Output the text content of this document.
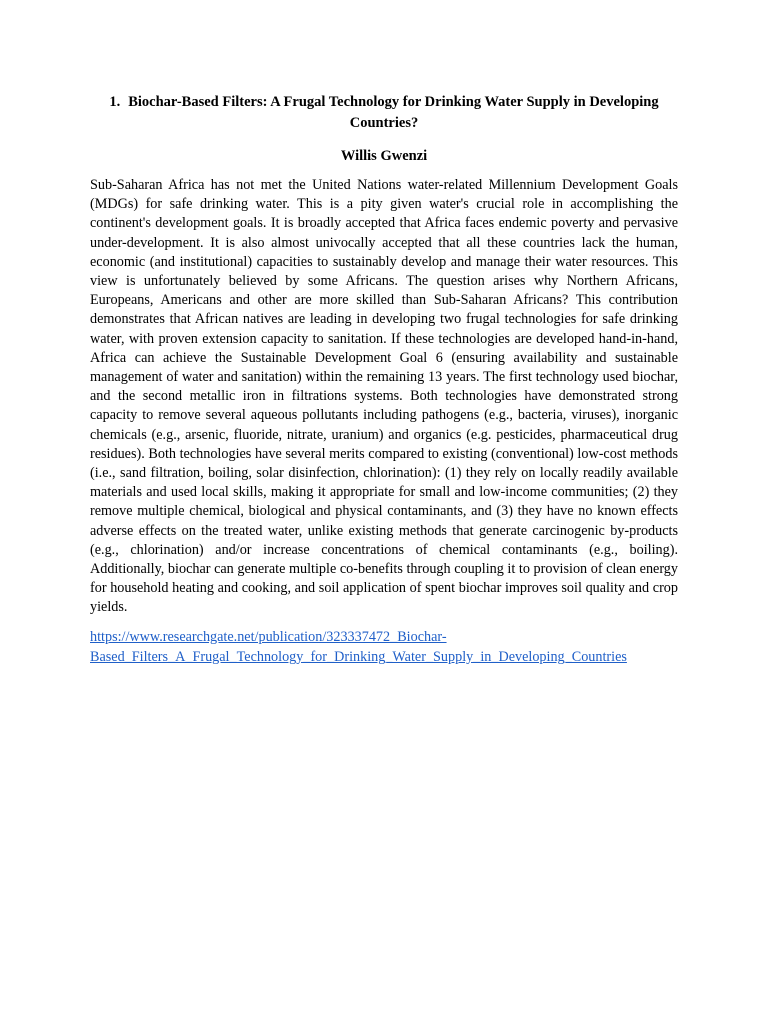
1. Biochar-Based Filters: A Frugal Technology for Drinking Water Supply in Developing Countries?

Willis Gwenzi

Sub-Saharan Africa has not met the United Nations water-related Millennium Development Goals (MDGs) for safe drinking water. This is a pity given water's crucial role in accomplishing the continent's development goals. It is broadly accepted that Africa faces endemic poverty and pervasive under-development. It is also almost univocally accepted that all these countries lack the human, economic (and institutional) capacities to sustainably develop and manage their water resources. This view is unfortunately believed by some Africans. The question arises why Northern Africans, Europeans, Americans and other are more skilled than Sub-Saharan Africans? This contribution demonstrates that African natives are leading in developing two frugal technologies for safe drinking water, with proven extension capacity to sanitation. If these technologies are developed hand-in-hand, Africa can achieve the Sustainable Development Goal 6 (ensuring availability and sustainable management of water and sanitation) within the remaining 13 years. The first technology used biochar, and the second metallic iron in filtrations systems. Both technologies have demonstrated strong capacity to remove several aqueous pollutants including pathogens (e.g., bacteria, viruses), inorganic chemicals (e.g., arsenic, fluoride, nitrate, uranium) and organics (e.g. pesticides, pharmaceutical drug residues). Both technologies have several merits compared to existing (conventional) low-cost methods (i.e., sand filtration, boiling, solar disinfection, chlorination): (1) they rely on locally readily available materials and used local skills, making it appropriate for small and low-income communities; (2) they remove multiple chemical, biological and physical contaminants, and (3) they have no known effects adverse effects on the treated water, unlike existing methods that generate carcinogenic by-products (e.g., chlorination) and/or increase concentrations of chemical contaminants (e.g., boiling). Additionally, biochar can generate multiple co-benefits through coupling it to provision of clean energy for household heating and cooking, and soil application of spent biochar improves soil quality and crop yields.

https://www.researchgate.net/publication/323337472_Biochar-
Based_Filters_A_Frugal_Technology_for_Drinking_Water_Supply_in_Developing_Countries
